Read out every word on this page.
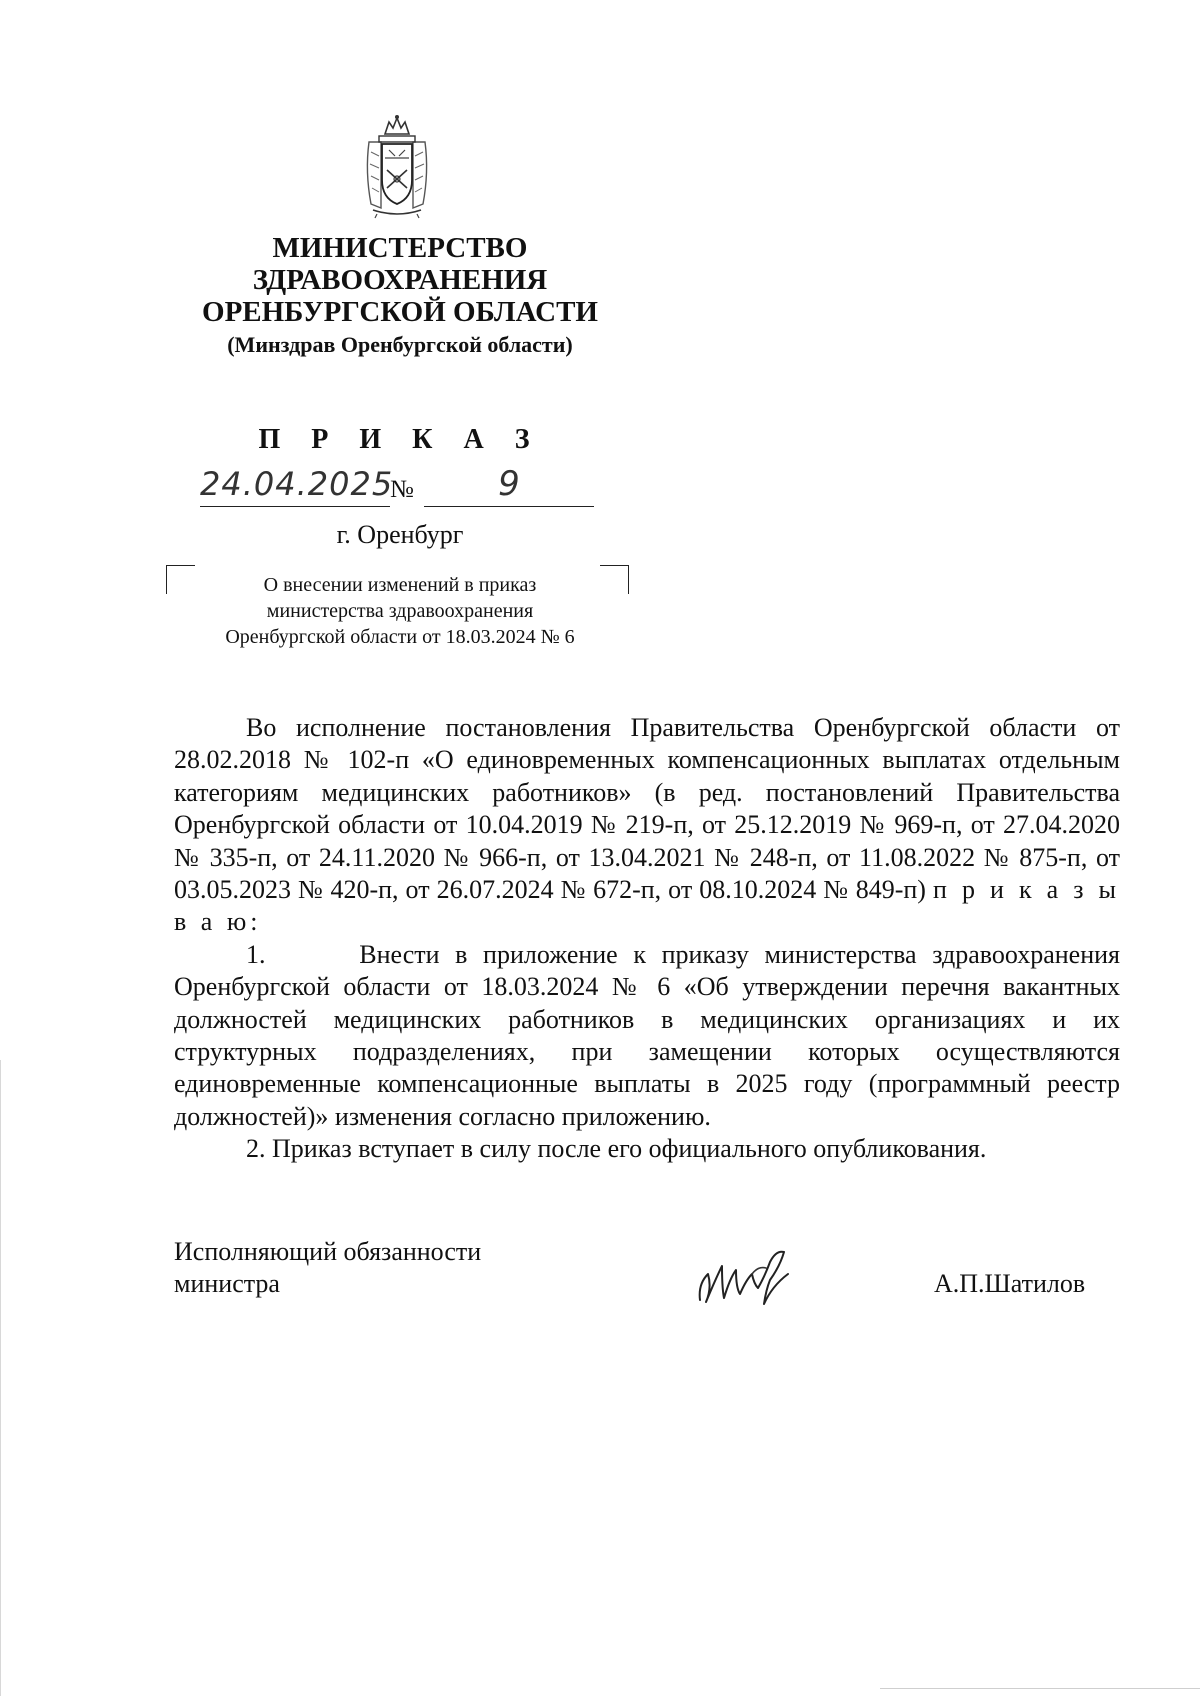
МИНИСТЕРСТВО
ЗДРАВООХРАНЕНИЯ
ОРЕНБУРГСКОЙ ОБЛАСТИ
(Минздрав Оренбургской области)
П Р И К А З
24.04.2025
№	9
г. Оренбург
О внесении изменений в приказ
министерства здравоохранения
Оренбургской области от 18.03.2024 № 6

Во исполнение постановления Правительства Оренбургской области от 28.02.2018 № 102-п «О единовременных компенсационных выплатах отдельным категориям медицинских работников» (в ред. постановлений Правительства Оренбургской области от 10.04.2019 № 219-п, от 25.12.2019 № 969-п, от 27.04.2020 № 335-п, от 24.11.2020 № 966-п, от 13.04.2021 № 248-п, от 11.08.2022 № 875-п, от 03.05.2023 № 420-п, от 26.07.2024 № 672-п, от 08.10.2024 № 849-п) п р и к а з ы в а ю:

1.	Внести в приложение к приказу министерства здравоохранения Оренбургской области от 18.03.2024 № 6 «Об утверждении перечня вакантных должностей медицинских работников в медицинских организациях и их структурных подразделениях, при замещении которых осуществляются единовременные компенсационные выплаты в 2025 году (программный реестр должностей)» изменения согласно приложению.

2. Приказ вступает в силу после его официального опубликования.

Исполняющий обязанности
министра	А.П.Шатилов
